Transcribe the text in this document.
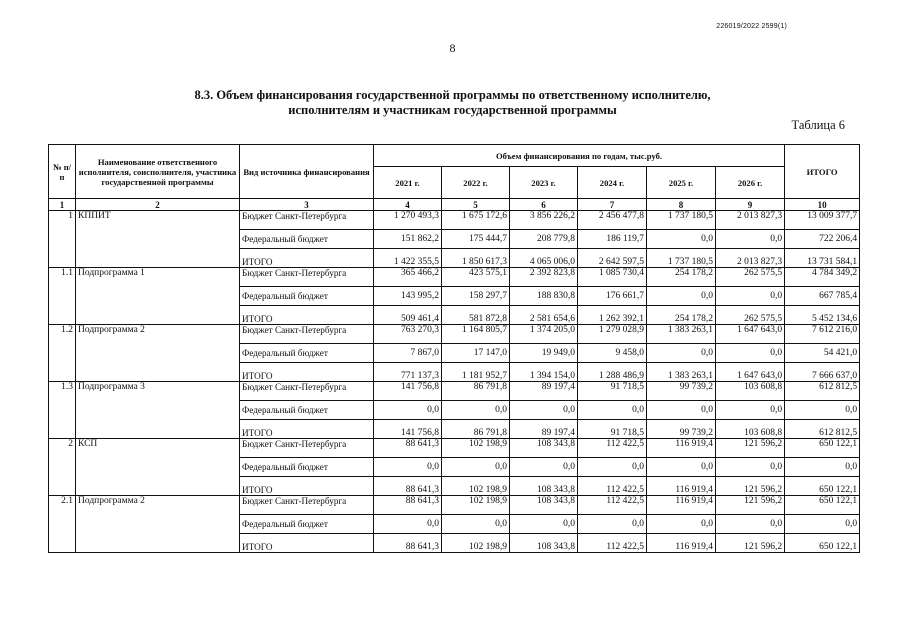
226019/2022 2599(1)
8
8.3. Объем финансирования государственной программы по ответственному исполнителю,
исполнителям и участникам государственной программы
Таблица 6
№ п/п	Наименование ответственного исполнителя, соисполнителя, участника государственной программы	Вид источника финансирования	Объем финансирования по годам, тыс.руб.						ИТОГО
			2021 г.	2022 г.	2023 г.	2024 г.	2025 г.	2026 г.	
1	2	3	4	5	6	7	8	9	10
1	КППИТ	Бюджет Санкт-Петербурга	1 270 493,3	1 675 172,6	3 856 226,2	2 456 477,8	1 737 180,5	2 013 827,3	13 009 377,7
		Федеральный бюджет	151 862,2	175 444,7	208 779,8	186 119,7	0,0	0,0	722 206,4
		ИТОГО	1 422 355,5	1 850 617,3	4 065 006,0	2 642 597,5	1 737 180,5	2 013 827,3	13 731 584,1
1.1	Подпрограмма 1	Бюджет Санкт-Петербурга	365 466,2	423 575,1	2 392 823,8	1 085 730,4	254 178,2	262 575,5	4 784 349,2
		Федеральный бюджет	143 995,2	158 297,7	188 830,8	176 661,7	0,0	0,0	667 785,4
		ИТОГО	509 461,4	581 872,8	2 581 654,6	1 262 392,1	254 178,2	262 575,5	5 452 134,6
1.2	Подпрограмма 2	Бюджет Санкт-Петербурга	763 270,3	1 164 805,7	1 374 205,0	1 279 028,9	1 383 263,1	1 647 643,0	7 612 216,0
		Федеральный бюджет	7 867,0	17 147,0	19 949,0	9 458,0	0,0	0,0	54 421,0
		ИТОГО	771 137,3	1 181 952,7	1 394 154,0	1 288 486,9	1 383 263,1	1 647 643,0	7 666 637,0
1.3	Подпрограмма 3	Бюджет Санкт-Петербурга	141 756,8	86 791,8	89 197,4	91 718,5	99 739,2	103 608,8	612 812,5
		Федеральный бюджет	0,0	0,0	0,0	0,0	0,0	0,0	0,0
		ИТОГО	141 756,8	86 791,8	89 197,4	91 718,5	99 739,2	103 608,8	612 812,5
2	КСП	Бюджет Санкт-Петербурга	88 641,3	102 198,9	108 343,8	112 422,5	116 919,4	121 596,2	650 122,1
		Федеральный бюджет	0,0	0,0	0,0	0,0	0,0	0,0	0,0
		ИТОГО	88 641,3	102 198,9	108 343,8	112 422,5	116 919,4	121 596,2	650 122,1
2.1	Подпрограмма 2	Бюджет Санкт-Петербурга	88 641,3	102 198,9	108 343,8	112 422,5	116 919,4	121 596,2	650 122,1
		Федеральный бюджет	0,0	0,0	0,0	0,0	0,0	0,0	0,0
		ИТОГО	88 641,3	102 198,9	108 343,8	112 422,5	116 919,4	121 596,2	650 122,1
